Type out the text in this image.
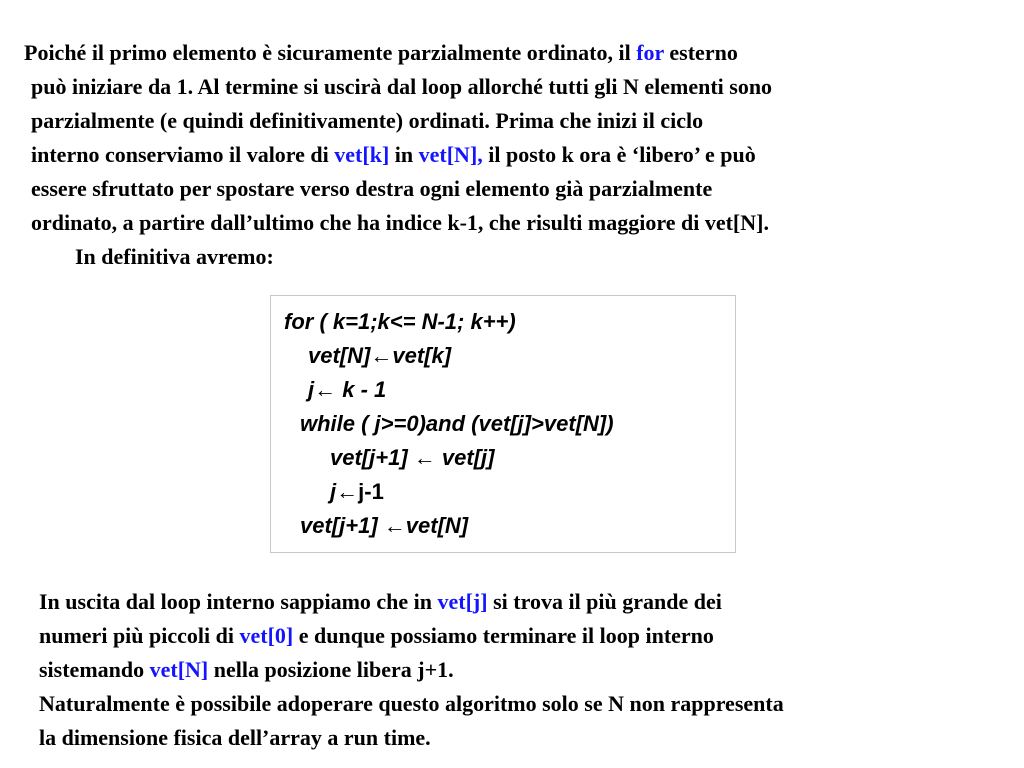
Poiché il primo elemento è sicuramente parzialmente ordinato, il for esterno
può iniziare da 1. Al termine si uscirà dal loop allorché tutti gli N elementi sono
parzialmente (e quindi definitivamente) ordinati. Prima che inizi il ciclo
interno conserviamo il valore di vet[k] in vet[N], il posto k ora è ‘libero’ e può
essere sfruttato per spostare verso destra ogni elemento già parzialmente
ordinato, a partire dall’ultimo che ha indice k-1, che risulti maggiore di vet[N].
In definitiva avremo:
for ( k=1;k<= N-1; k++)
vet[N]←vet[k]
j← k - 1
while ( j>=0)and (vet[j]>vet[N])
vet[j+1] ← vet[j]
j←j-1
vet[j+1] ←vet[N]
In uscita dal loop interno sappiamo che in vet[j] si trova il più grande dei
numeri più piccoli di vet[0] e dunque possiamo terminare il loop interno
sistemando vet[N] nella posizione libera j+1.
Naturalmente è possibile adoperare questo algoritmo solo se N non rappresenta
la dimensione fisica dell’array a run time.
